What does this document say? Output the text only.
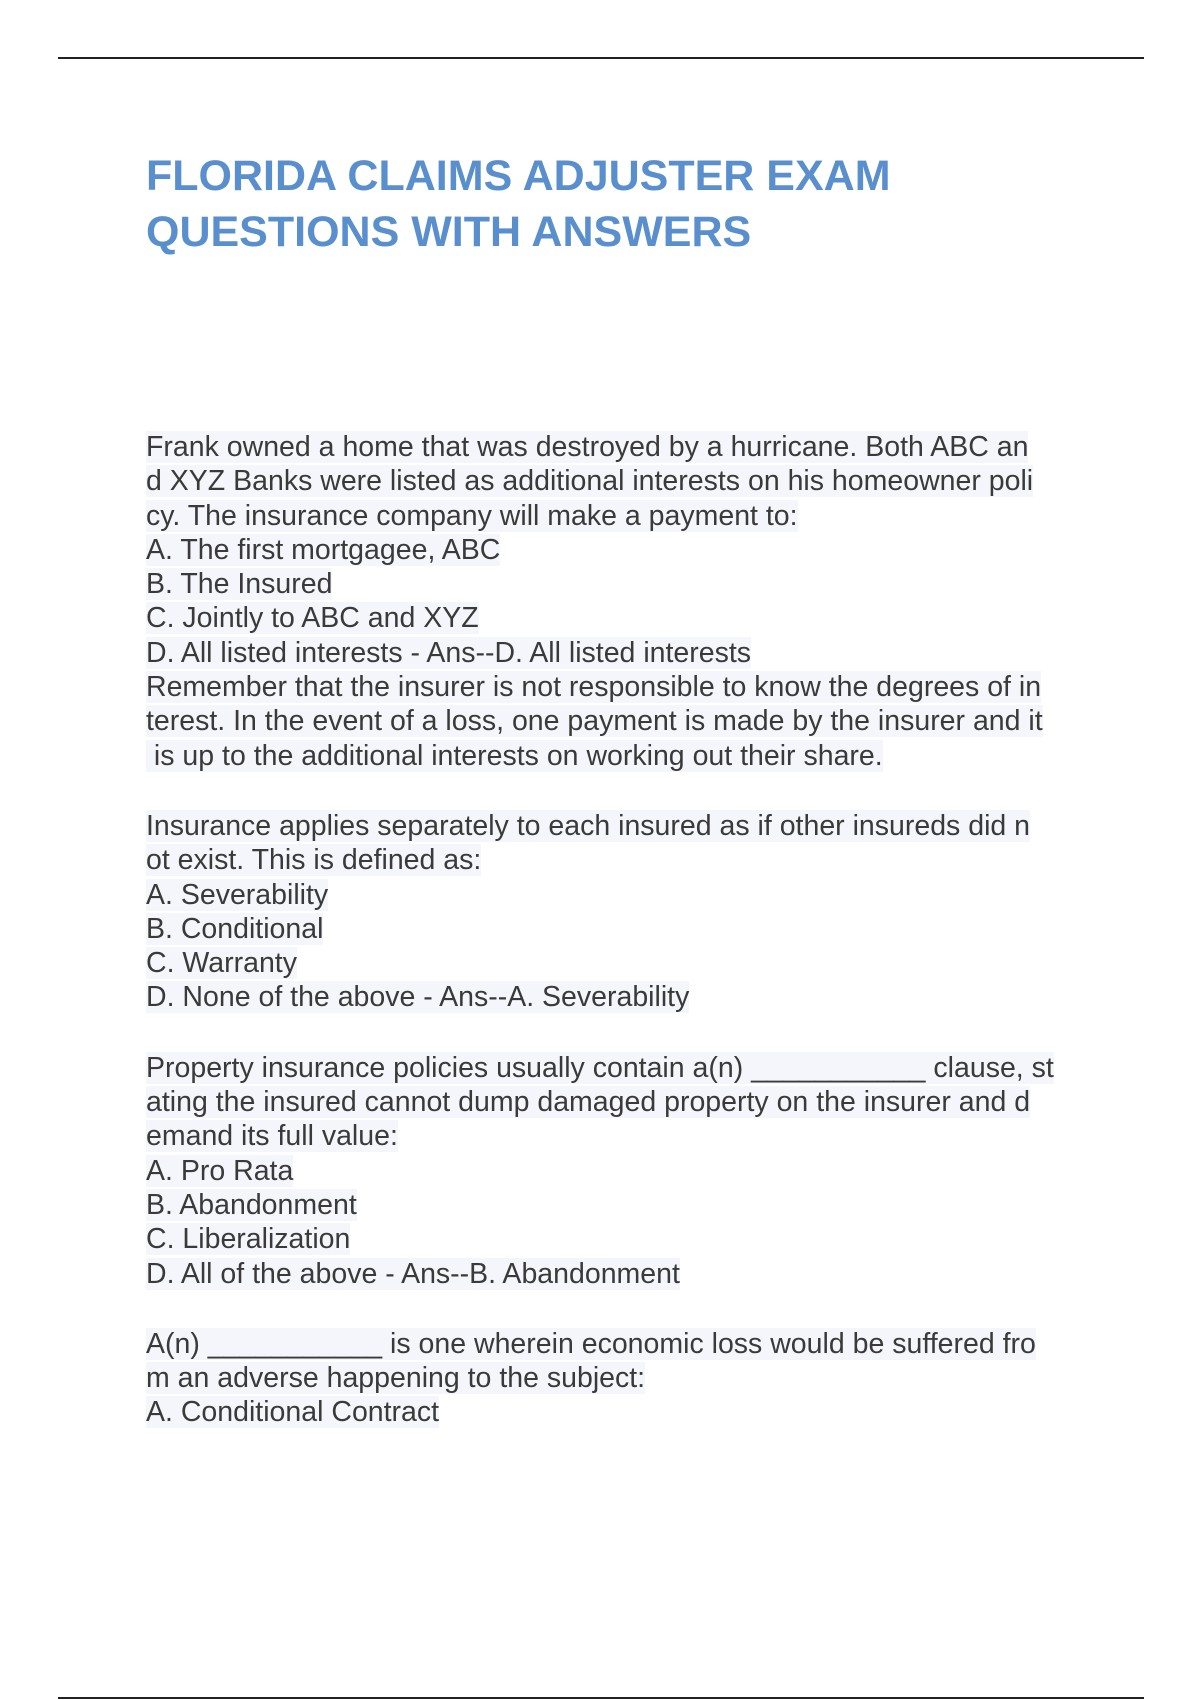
FLORIDA CLAIMS ADJUSTER EXAM
QUESTIONS WITH ANSWERS
Frank owned a home that was destroyed by a hurricane. Both ABC an
d XYZ Banks were listed as additional interests on his homeowner poli
cy. The insurance company will make a payment to:
A. The first mortgagee, ABC
B. The Insured
C. Jointly to ABC and XYZ
D. All listed interests - Ans--D. All listed interests
Remember that the insurer is not responsible to know the degrees of in
terest. In the event of a loss, one payment is made by the insurer and it
is up to the additional interests on working out their share.
Insurance applies separately to each insured as if other insureds did n
ot exist. This is defined as:
A. Severability
B. Conditional
C. Warranty
D. None of the above - Ans--A. Severability
Property insurance policies usually contain a(n) ___________ clause, st
ating the insured cannot dump damaged property on the insurer and d
emand its full value:
A. Pro Rata
B. Abandonment
C. Liberalization
D. All of the above - Ans--B. Abandonment
A(n) ___________ is one wherein economic loss would be suffered fro
m an adverse happening to the subject:
A. Conditional Contract
